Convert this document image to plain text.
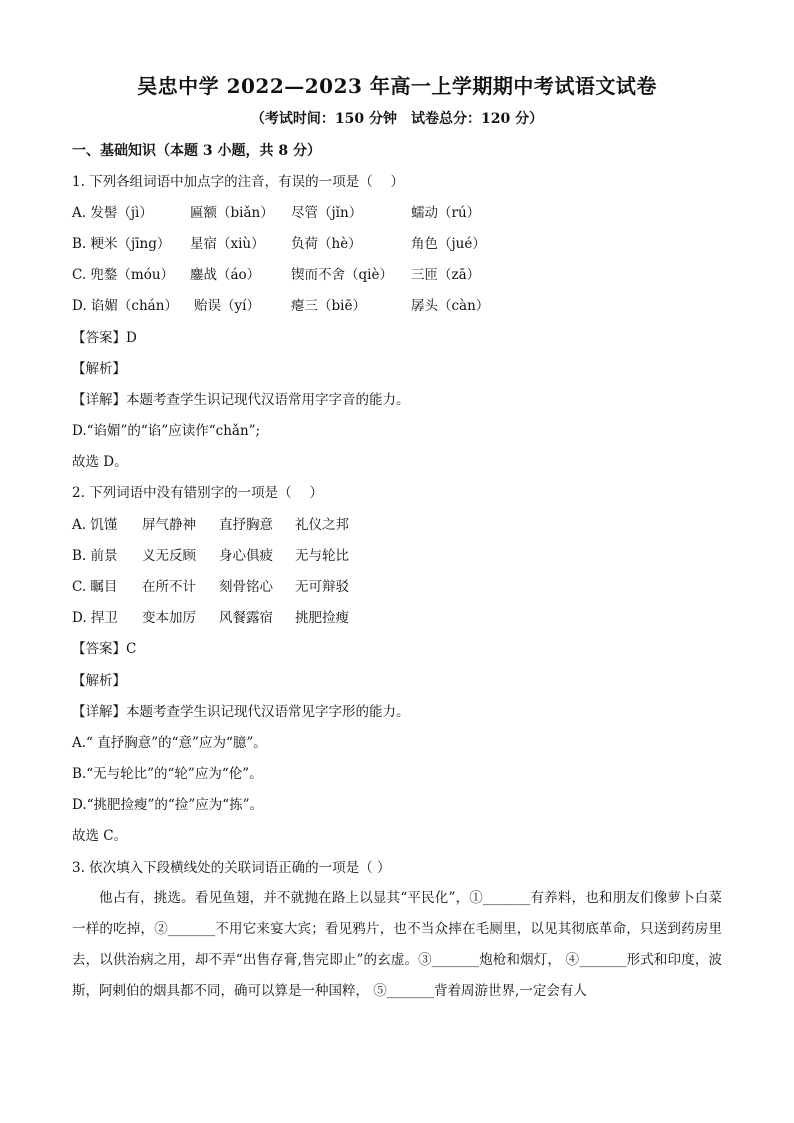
吴忠中学 2022—2023 年高一上学期期中考试语文试卷
（考试时间：150 分钟　试卷总分：120 分）
一、基础知识（本题 3 小题，共 8 分）
1. 下列各组词语中加点字的注音，有误的一项是（　 ）
A. 发髻（jì）	匾额（biǎn） 尽管（jǐn）	蠕动（rú）
B. 粳米（jīng） 星宿（xiù） 负荷（hè）	角色（jué）
C. 兜鍪（móu） 鏖战（áo） 锲而不舍（qiè） 三匝（zā）
D. 谄媚（chán） 贻误（yí） 瘪三（biē）	孱头（càn）
【答案】D
【解析】
【详解】本题考查学生识记现代汉语常用字字音的能力。
D.“谄媚”的“谄”应读作“chǎn”;
故选 D。
2. 下列词语中没有错别字的一项是（　 ）
A. 饥馑 屏气静神 直抒胸意 礼仪之邦
B. 前景 义无反顾 身心俱疲 无与轮比
C. 瞩目 在所不计 刻骨铭心 无可辩驳
D. 捍卫 变本加厉 风餐露宿 挑肥捡瘦
【答案】C
【解析】
【详解】本题考查学生识记现代汉语常见字字形的能力。
A.“ 直抒胸意”的“意”应为“臆”。
B.“无与轮比”的“轮”应为“伦”。
D.“挑肥捡瘦”的“捡”应为“拣”。
故选 C。
3. 依次填入下段横线处的关联词语正确的一项是（ ）
他占有，挑选。看见鱼翅，并不就抛在路上以显其“平民化”，①_______有养料，也和朋友们像萝卜白菜一样的吃掉，②_______不用它来宴大宾；看见鸦片，也不当众摔在毛厕里，以见其彻底革命，只送到药房里去，以供治病之用，却不弄“出售存膏,售完即止”的玄虚。③_______炮枪和烟灯， ④_______形式和印度，波斯，阿剌伯的烟具都不同，确可以算是一种国粹， ⑤_______背着周游世界,一定会有人
